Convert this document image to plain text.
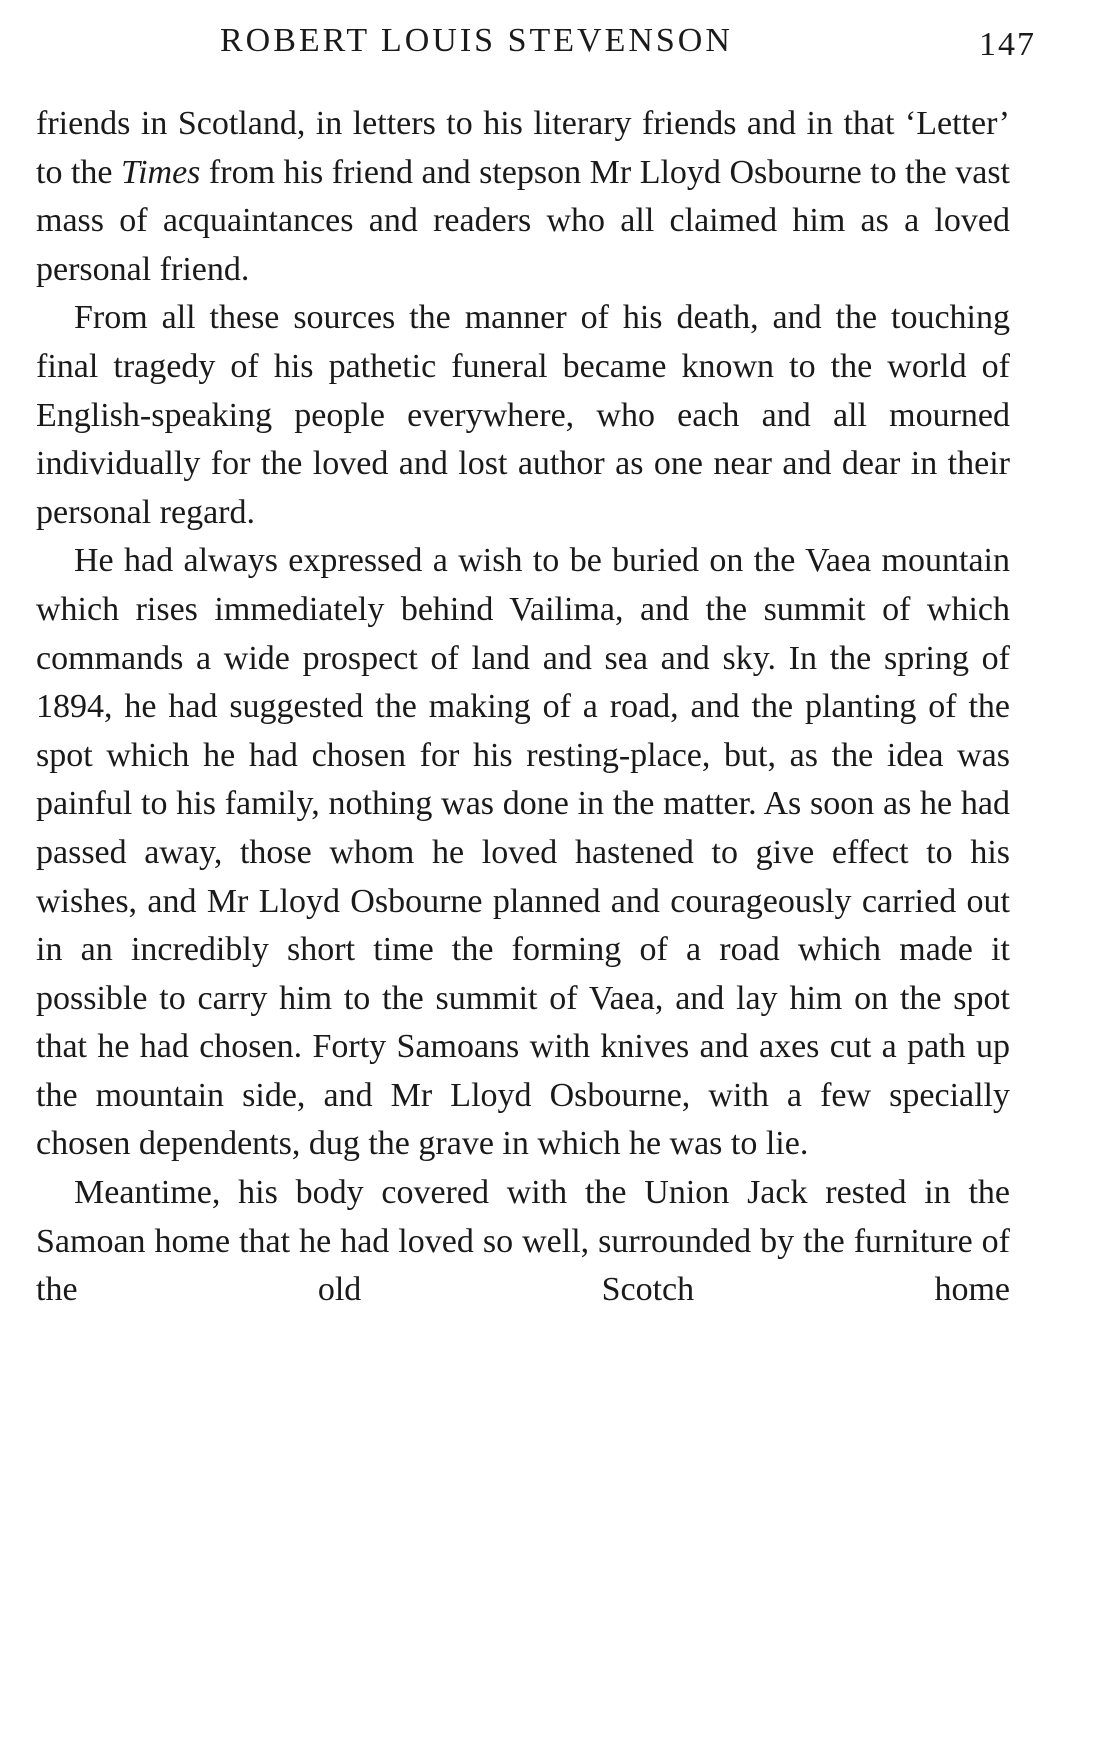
ROBERT LOUIS STEVENSON	147

friends in Scotland, in letters to his literary friends and in that ‘Letter’ to the Times from his friend and stepson Mr Lloyd Osbourne to the vast mass of acquaintances and readers who all claimed him as a loved personal friend.

From all these sources the manner of his death, and the touching final tragedy of his pathetic funeral became known to the world of English-speaking people everywhere, who each and all mourned individually for the loved and lost author as one near and dear in their personal regard.

He had always expressed a wish to be buried on the Vaea mountain which rises immediately behind Vailima, and the summit of which commands a wide prospect of land and sea and sky. In the spring of 1894, he had suggested the making of a road, and the planting of the spot which he had chosen for his resting-place, but, as the idea was painful to his family, nothing was done in the matter. As soon as he had passed away, those whom he loved hastened to give effect to his wishes, and Mr Lloyd Osbourne planned and courageously carried out in an incredibly short time the forming of a road which made it possible to carry him to the summit of Vaea, and lay him on the spot that he had chosen. Forty Samoans with knives and axes cut a path up the mountain side, and Mr Lloyd Osbourne, with a few specially chosen dependents, dug the grave in which he was to lie.

Meantime, his body covered with the Union Jack rested in the Samoan home that he had loved so well, surrounded by the furniture of the old Scotch home
